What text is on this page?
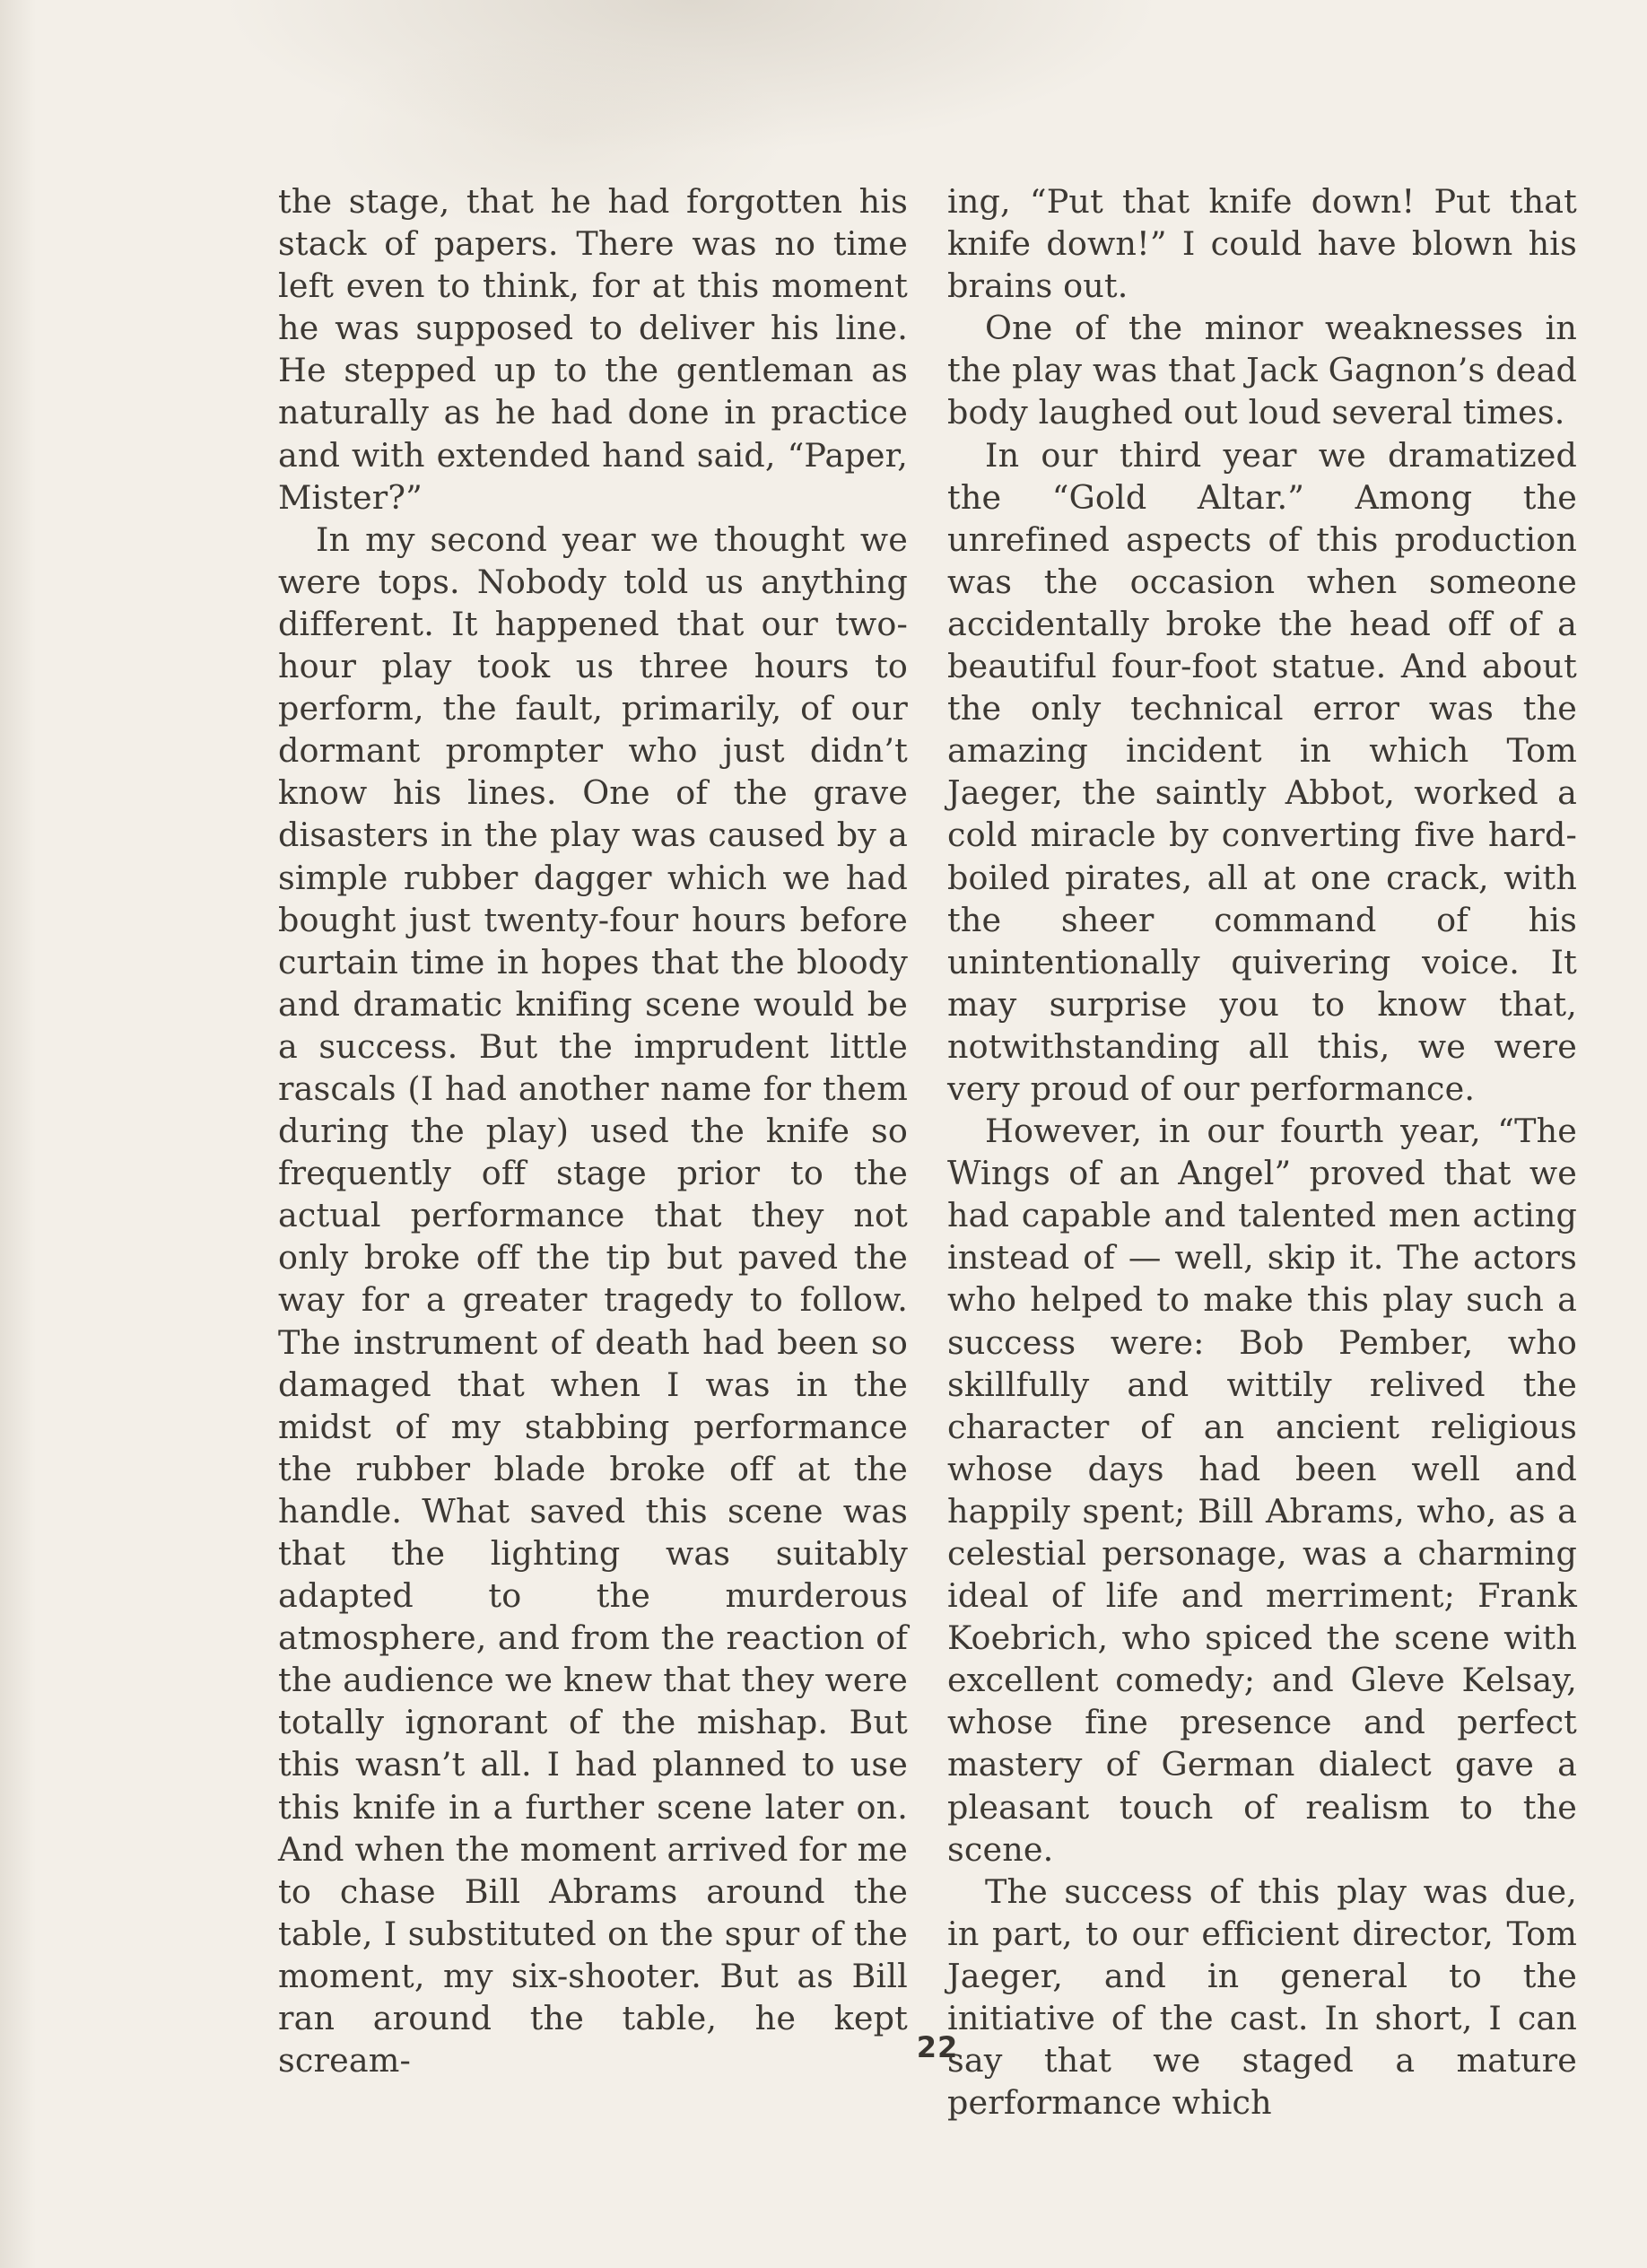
the stage, that he had forgotten his stack of papers. There was no time left even to think, for at this moment he was supposed to deliver his line. He stepped up to the gentleman as naturally as he had done in practice and with extended hand said, “Paper, Mister?”

In my second year we thought we were tops. Nobody told us anything different. It happened that our two-hour play took us three hours to perform, the fault, primarily, of our dormant prompter who just didn’t know his lines. One of the grave disasters in the play was caused by a simple rubber dagger which we had bought just twenty-four hours before curtain time in hopes that the bloody and dramatic knifing scene would be a success. But the imprudent little rascals (I had another name for them during the play) used the knife so frequently off stage prior to the actual performance that they not only broke off the tip but paved the way for a greater tragedy to follow. The instrument of death had been so damaged that when I was in the midst of my stabbing performance the rubber blade broke off at the handle. What saved this scene was that the lighting was suitably adapted to the murderous atmosphere, and from the reaction of the audience we knew that they were totally ignorant of the mishap. But this wasn’t all. I had planned to use this knife in a further scene later on. And when the moment arrived for me to chase Bill Abrams around the table, I substituted on the spur of the moment, my six-shooter. But as Bill ran around the table, he kept scream-

ing, “Put that knife down! Put that knife down!” I could have blown his brains out.

One of the minor weaknesses in the play was that Jack Gagnon’s dead body laughed out loud several times.

In our third year we dramatized the “Gold Altar.” Among the unrefined aspects of this production was the occasion when someone accidentally broke the head off of a beautiful four-foot statue. And about the only technical error was the amazing incident in which Tom Jaeger, the saintly Abbot, worked a cold miracle by converting five hard-boiled pirates, all at one crack, with the sheer command of his unintentionally quivering voice. It may surprise you to know that, notwithstanding all this, we were very proud of our performance.

However, in our fourth year, “The Wings of an Angel” proved that we had capable and talented men acting instead of — well, skip it. The actors who helped to make this play such a success were: Bob Pember, who skillfully and wittily relived the character of an ancient religious whose days had been well and happily spent; Bill Abrams, who, as a celestial personage, was a charming ideal of life and merriment; Frank Koebrich, who spiced the scene with excellent comedy; and Gleve Kelsay, whose fine presence and perfect mastery of German dialect gave a pleasant touch of realism to the scene.

The success of this play was due, in part, to our efficient director, Tom Jaeger, and in general to the initiative of the cast. In short, I can say that we staged a mature performance which

22
